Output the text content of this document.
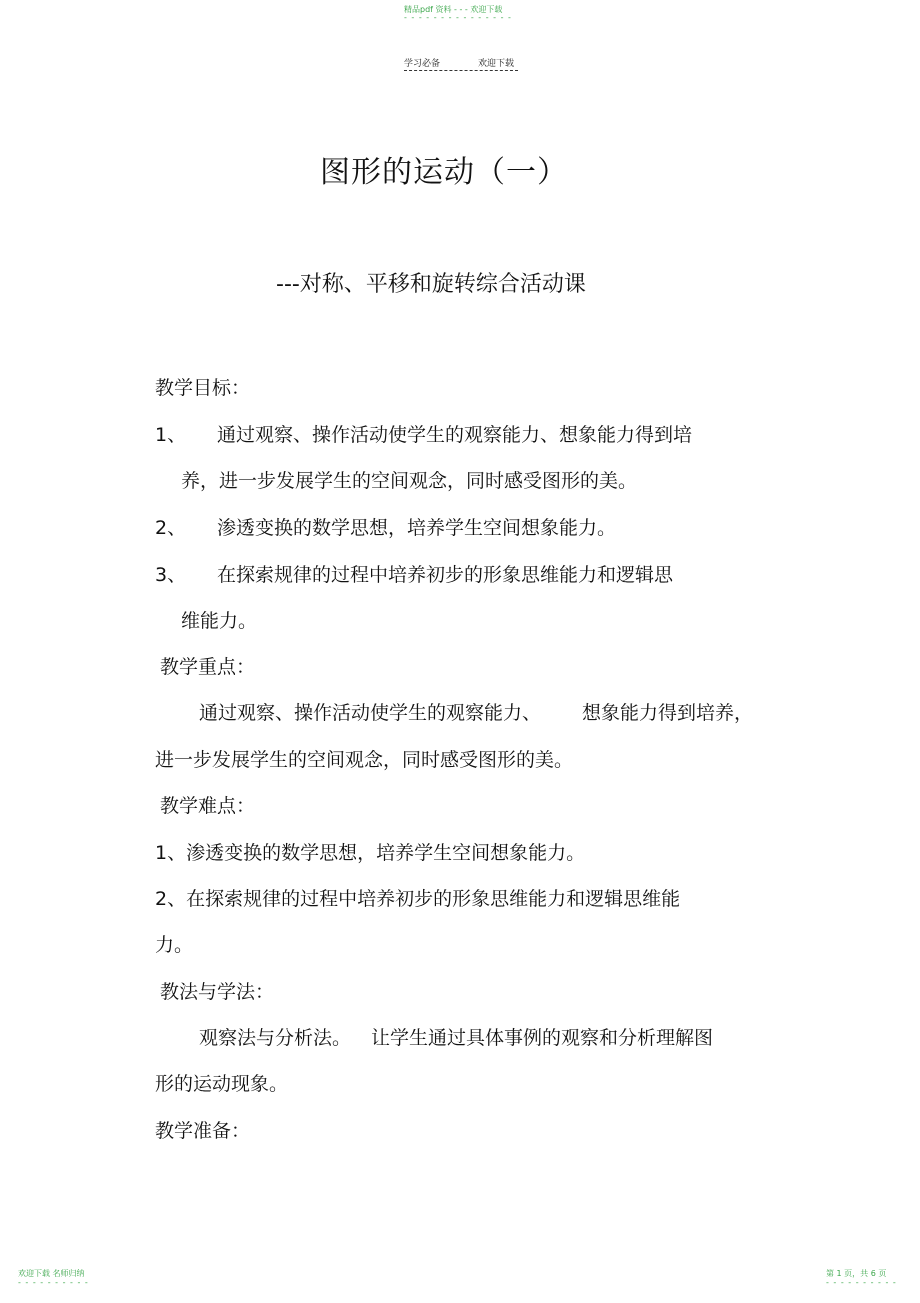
精品pdf 资料 - - - 欢迎下载
- - - - - - - - - - - - - - -
学习必备	欢迎下载
图形的运动（一）
---对称、平移和旋转综合活动课
教学目标：
1、 通过观察、操作活动使学生的观察能力、想象能力得到培
养，进一步发展学生的空间观念，同时感受图形的美。
2、 渗透变换的数学思想，培养学生空间想象能力。
3、 在探索规律的过程中培养初步的形象思维能力和逻辑思
维能力。
教学重点：
通过观察、操作活动使学生的观察能力、 想象能力得到培养，
进一步发展学生的空间观念，同时感受图形的美。
教学难点：
1、渗透变换的数学思想，培养学生空间想象能力。
2、在探索规律的过程中培养初步的形象思维能力和逻辑思维能
力。
教法与学法：
观察法与分析法。 让学生通过具体事例的观察和分析理解图
形的运动现象。
教学准备：
欢迎下载 名师归纳
- - - - - - - - - -
第 1 页，共 6 页
- - - - - - - - - -
